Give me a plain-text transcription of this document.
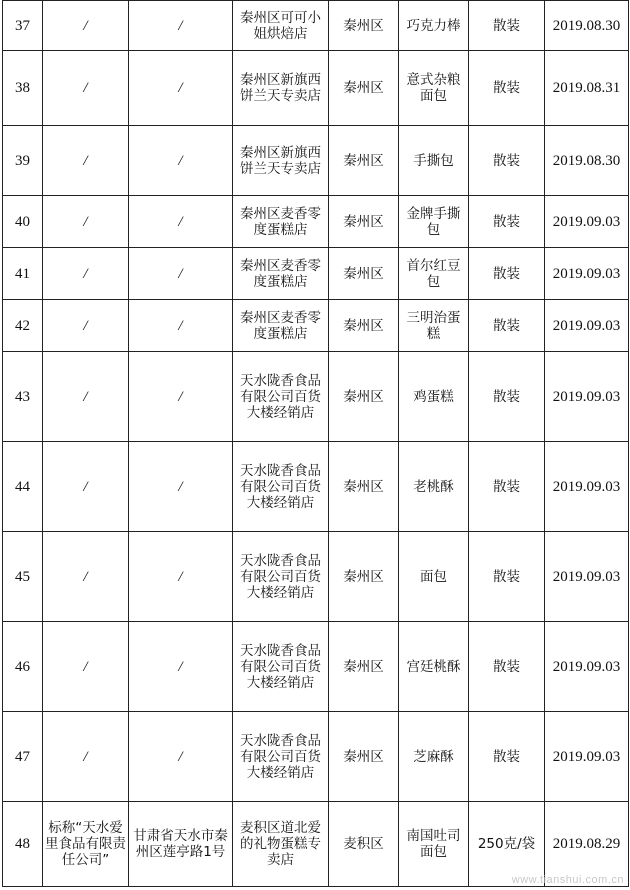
37	/	/	秦州区可可小姐烘焙店	秦州区	巧克力棒	散装	2019.08.30
38	/	/	秦州区新旗西饼兰天专卖店	秦州区	意式杂粮面包	散装	2019.08.31
39	/	/	秦州区新旗西饼兰天专卖店	秦州区	手撕包	散装	2019.08.30
40	/	/	秦州区麦香零度蛋糕店	秦州区	金牌手撕包	散装	2019.09.03
41	/	/	秦州区麦香零度蛋糕店	秦州区	首尔红豆包	散装	2019.09.03
42	/	/	秦州区麦香零度蛋糕店	秦州区	三明治蛋糕	散装	2019.09.03
43	/	/	天水陇香食品有限公司百货大楼经销店	秦州区	鸡蛋糕	散装	2019.09.03
44	/	/	天水陇香食品有限公司百货大楼经销店	秦州区	老桃酥	散装	2019.09.03
45	/	/	天水陇香食品有限公司百货大楼经销店	秦州区	面包	散装	2019.09.03
46	/	/	天水陇香食品有限公司百货大楼经销店	秦州区	宫廷桃酥	散装	2019.09.03
47	/	/	天水陇香食品有限公司百货大楼经销店	秦州区	芝麻酥	散装	2019.09.03
48	标称“天水爱里食品有限责任公司”	甘肃省天水市秦州区莲亭路1号	麦积区道北爱的礼物蛋糕专卖店	麦积区	南国吐司面包	250克/袋	2019.08.29
www.tianshui.com.cn
